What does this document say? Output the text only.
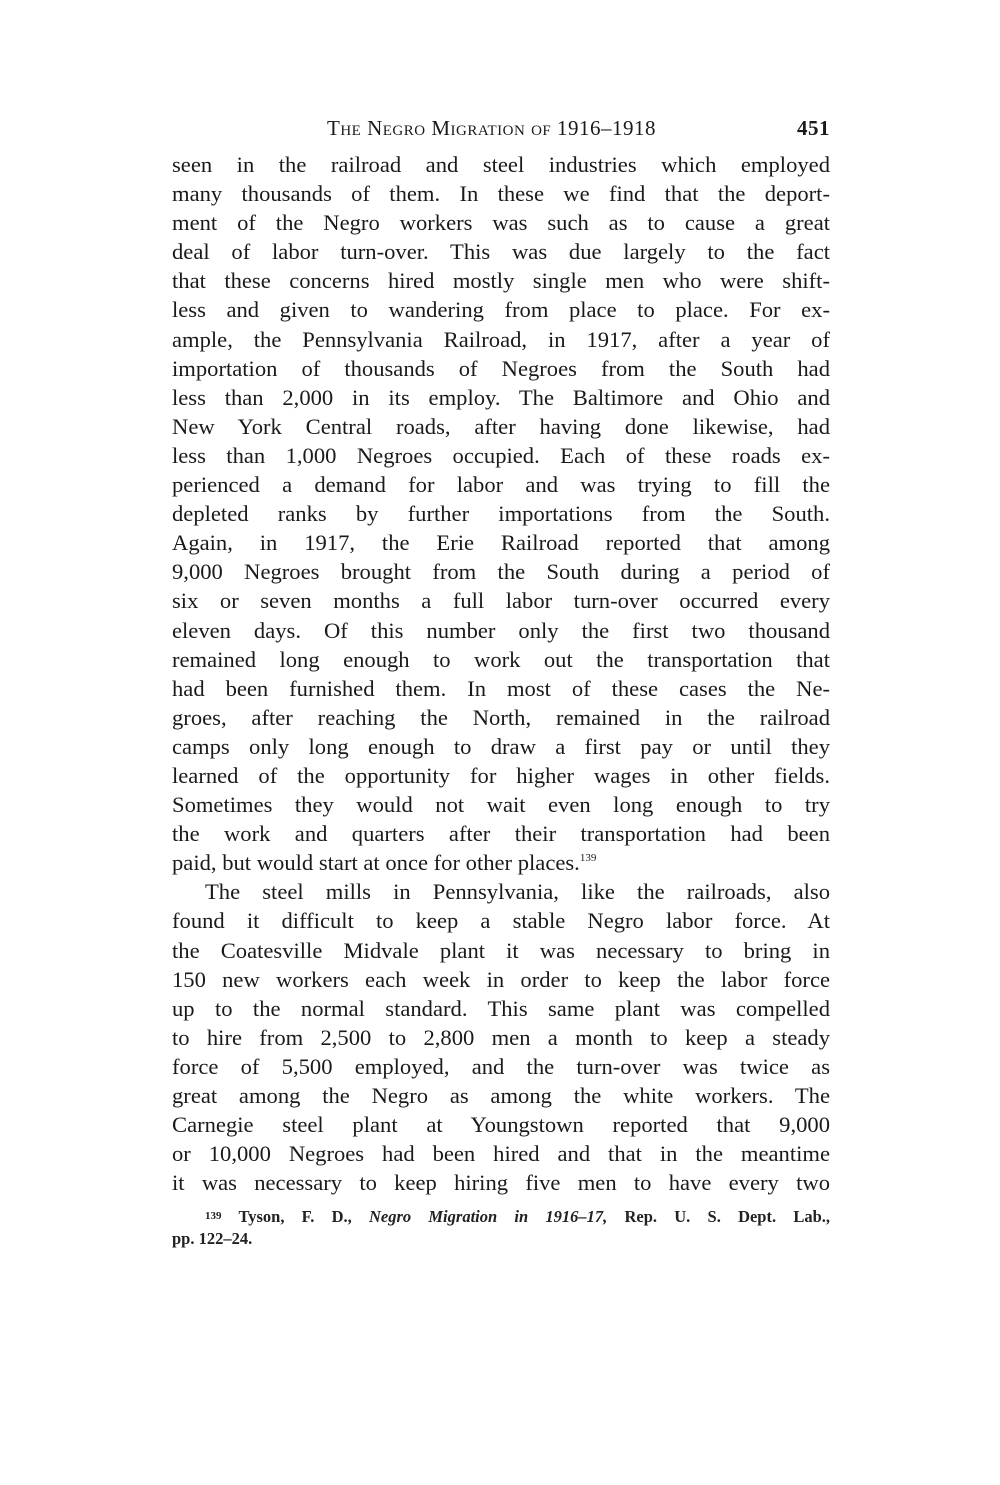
The Negro Migration of 1916–1918	451
seen in the railroad and steel industries which employed
many thousands of them. In these we find that the deport-
ment of the Negro workers was such as to cause a great
deal of labor turn-over. This was due largely to the fact
that these concerns hired mostly single men who were shift-
less and given to wandering from place to place. For ex-
ample, the Pennsylvania Railroad, in 1917, after a year of
importation of thousands of Negroes from the South had
less than 2,000 in its employ. The Baltimore and Ohio and
New York Central roads, after having done likewise, had
less than 1,000 Negroes occupied. Each of these roads ex-
perienced a demand for labor and was trying to fill the
depleted ranks by further importations from the South.
Again, in 1917, the Erie Railroad reported that among
9,000 Negroes brought from the South during a period of
six or seven months a full labor turn-over occurred every
eleven days. Of this number only the first two thousand
remained long enough to work out the transportation that
had been furnished them. In most of these cases the Ne-
groes, after reaching the North, remained in the railroad
camps only long enough to draw a first pay or until they
learned of the opportunity for higher wages in other fields.
Sometimes they would not wait even long enough to try
the work and quarters after their transportation had been
paid, but would start at once for other places.$^{139}$
The steel mills in Pennsylvania, like the railroads, also
found it difficult to keep a stable Negro labor force. At
the Coatesville Midvale plant it was necessary to bring in
150 new workers each week in order to keep the labor force
up to the normal standard. This same plant was compelled
to hire from 2,500 to 2,800 men a month to keep a steady
force of 5,500 employed, and the turn-over was twice as
great among the Negro as among the white workers. The
Carnegie steel plant at Youngstown reported that 9,000
or 10,000 Negroes had been hired and that in the meantime
it was necessary to keep hiring five men to have every two
139 Tyson, F. D., Negro Migration in 1916–17, Rep. U. S. Dept. Lab.,
pp. 122–24.
